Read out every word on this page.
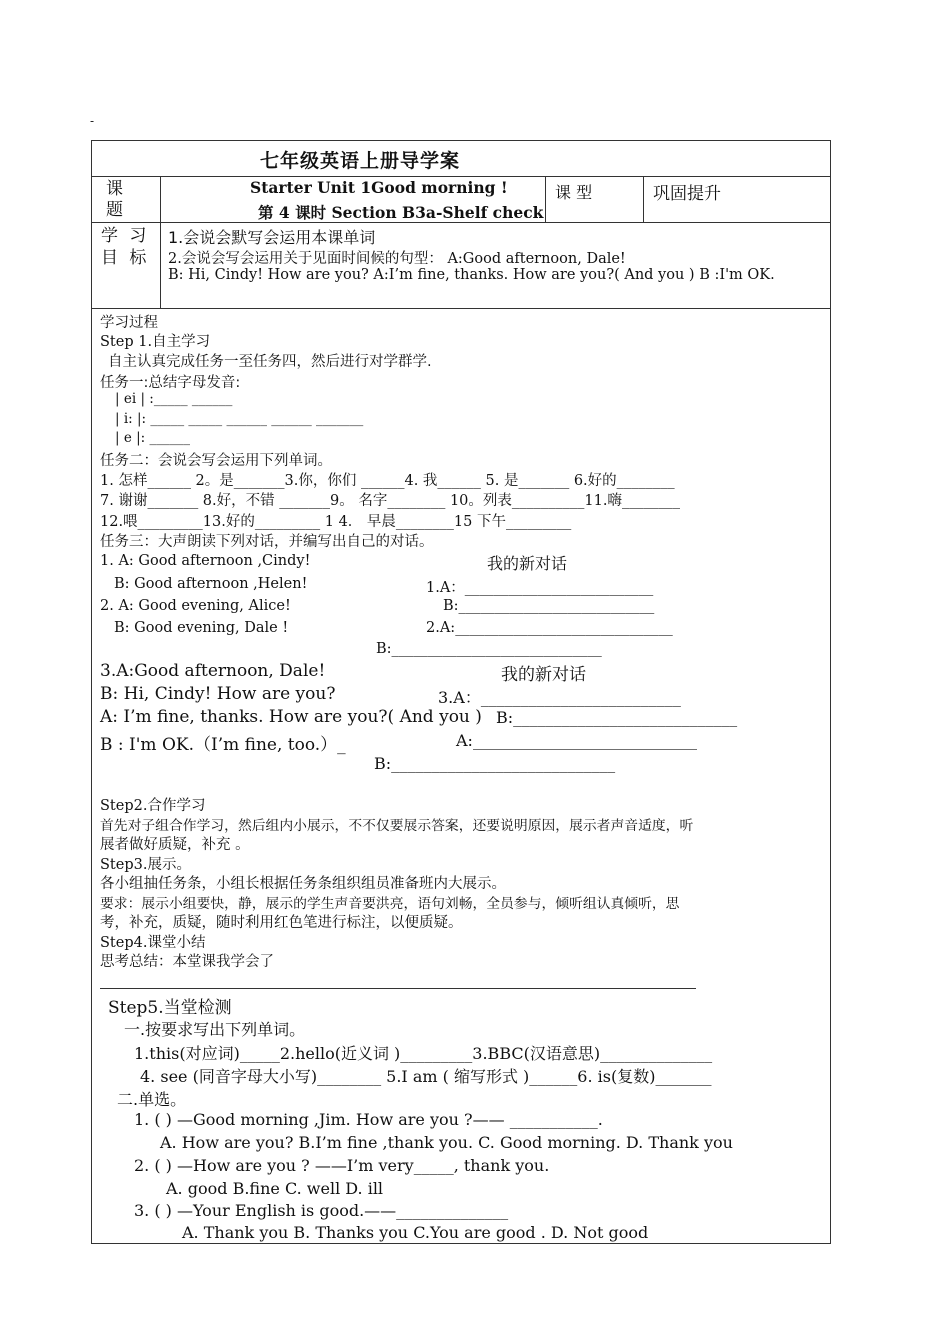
-
七年级英语上册导学案
课 题
Starter Unit 1Good morning !
第 4 课时 Section B3a-Shelf check
课 型	巩固提升
学 习 目 标
1.会说会默写会运用本课单词
2.会说会写会运用关于见面时间候的句型： A:Good afternoon, Dale!
B: Hi, Cindy! How are you? A:I’m fine, thanks. How are you?( And you ) B :I'm OK.
学习过程
Step 1.自主学习
自主认真完成任务一至任务四，然后进行对学群学.
任务一:总结字母发音:
| ei | :_____ ______
| i: |: _____ _____ ______ ______ _______
| e |: ______
任务二：会说会写会运用下列单词。
1. 怎样______ 2。是_______3.你，你们 ______4. 我______ 5. 是_______ 6.好的________
7. 谢谢_______ 8.好，不错 _______9。 名字________ 10。列表__________11.嗨________
12.喂_________13.好的_________ 1 4． 早晨________15 下午_________
任务三：大声朗读下列对话，并编写出自己的对话。
1. A: Good afternoon ,Cindy!
B: Good afternoon ,Helen!
2. A: Good evening, Alice!
B: Good evening, Dale !
我的新对话
1.A：__________________________
B:___________________________
2.A:______________________________
B:_____________________________
3.A:Good afternoon, Dale!
B: Hi, Cindy! How are you?
A: I’m fine, thanks. How are you?( And you )
B : I'm OK.（I’m fine, too.）_
我的新对话
3.A：_________________________
B:____________________________
A:____________________________
B:____________________________
Step2.合作学习
首先对子组合作学习，然后组内小展示，不不仅要展示答案，还要说明原因，展示者声音适度，听
展者做好质疑，补充 。
Step3.展示。
各小组抽任务条，小组长根据任务条组织组员准备班内大展示。
要求：展示小组要快，静，展示的学生声音要洪亮，语句刘畅，全员参与，倾听组认真倾听，思
考，补充，质疑，随时利用红色笔进行标注，以便质疑。
Step4.课堂小结
思考总结：本堂课我学会了
Step5.当堂检测
一.按要求写出下列单词。
1.this(对应词)_____2.hello(近义词 )_________3.BBC(汉语意思)______________
4. see (同音字母大小写)________ 5.I am ( 缩写形式 )______6. is(复数)_______
二.单选。
1. ( ) —Good morning ,Jim. How are you ?—— ___________.
A. How are you? B.I’m fine ,thank you. C. Good morning. D. Thank you
2. ( ) —How are you ? ——I’m very_____, thank you.
A. good B.fine C. well D. ill
3. ( ) —Your English is good.——______________
A. Thank you B. Thanks you C.You are good . D. Not good
